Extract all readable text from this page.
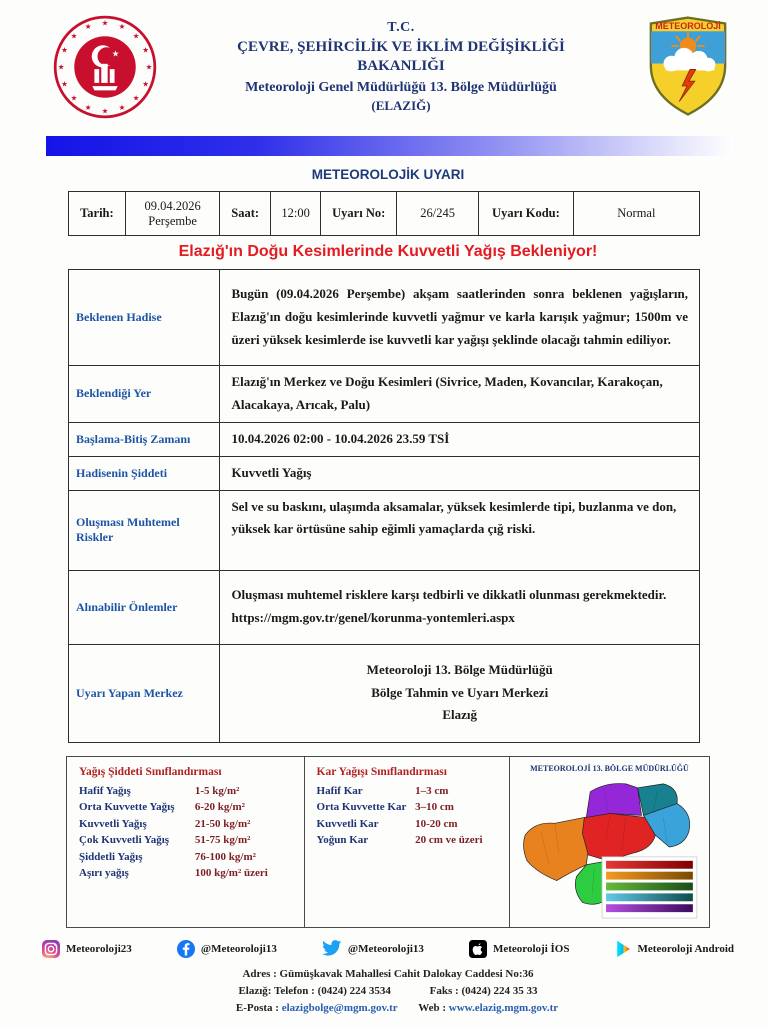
★ ★
★
★
★
★
★
★
★
★
★
★
★
★
★
★
★
T.C.
ÇEVRE, ŞEHİRCİLİK VE İKLİM DEĞİŞİKLİĞİ
BAKANLIĞI
Meteoroloji Genel Müdürlüğü 13. Bölge Müdürlüğü
(ELAZIĞ)
METEOROLOJİ
METEOROLOJİK UYARI
Tarih:	09.04.2026 Perşembe	Saat:	12:00	Uyarı No:	26/245	Uyarı Kodu:	Normal
Elazığ'ın Doğu Kesimlerinde Kuvvetli Yağış Bekleniyor!
Beklenen Hadise	Bugün (09.04.2026 Perşembe) akşam saatlerinden sonra beklenen yağışların, Elazığ'ın doğu kesimlerinde kuvvetli yağmur ve karla karışık yağmur; 1500m ve üzeri yüksek kesimlerde ise kuvvetli kar yağışı şeklinde olacağı tahmin ediliyor.
Beklendiği Yer	Elazığ'ın Merkez ve Doğu Kesimleri (Sivrice, Maden, Kovancılar, Karakoçan, Alacakaya, Arıcak, Palu)
Başlama-Bitiş Zamanı	10.04.2026 02:00 - 10.04.2026 23.59 TSİ
Hadisenin Şiddeti	Kuvvetli Yağış
Oluşması Muhtemel Riskler	Sel ve su baskını, ulaşımda aksamalar, yüksek kesimlerde tipi, buzlanma ve don, yüksek kar örtüsüne sahip eğimli yamaçlarda çığ riski.
Alınabilir Önlemler	Oluşması muhtemel risklere karşı tedbirli ve dikkatli olunması gerekmektedir.
https://mgm.gov.tr/genel/korunma-yontemleri.aspx

Uyarı Yapan Merkez	Meteoroloji 13. Bölge Müdürlüğü
Bölge Tahmin ve Uyarı Merkezi
Elazığ
Yağış Şiddeti Sınıflandırması
Hafif Yağış	1-5 kg/m²
Orta Kuvvette Yağış	6-20 kg/m²
Kuvvetli Yağış	21-50 kg/m²
Çok Kuvvetli Yağış	51-75 kg/m²
Şiddetli Yağış	76-100 kg/m²
Aşırı yağış	100 kg/m² üzeri
Kar Yağışı Sınıflandırması
Hafif Kar	1–3 cm
Orta Kuvvette Kar 3–10 cm
Kuvvetli Kar	10-20 cm
Yoğun Kar	20 cm ve üzeri
METEOROLOJİ 13. BÖLGE MÜDÜRLÜĞÜ
Meteoroloji23	@Meteoroloji13	@Meteoroloji13	Meteoroloji İOS	Meteoroloji Android
Adres : Gümüşkavak Mahallesi Cahit Dalokay Caddesi No:36
Elazığ: Telefon : (0424) 224 3534	Faks : (0424) 224 35 33
E-Posta : elazigbolge@mgm.gov.tr Web : www.elazig.mgm.gov.tr
